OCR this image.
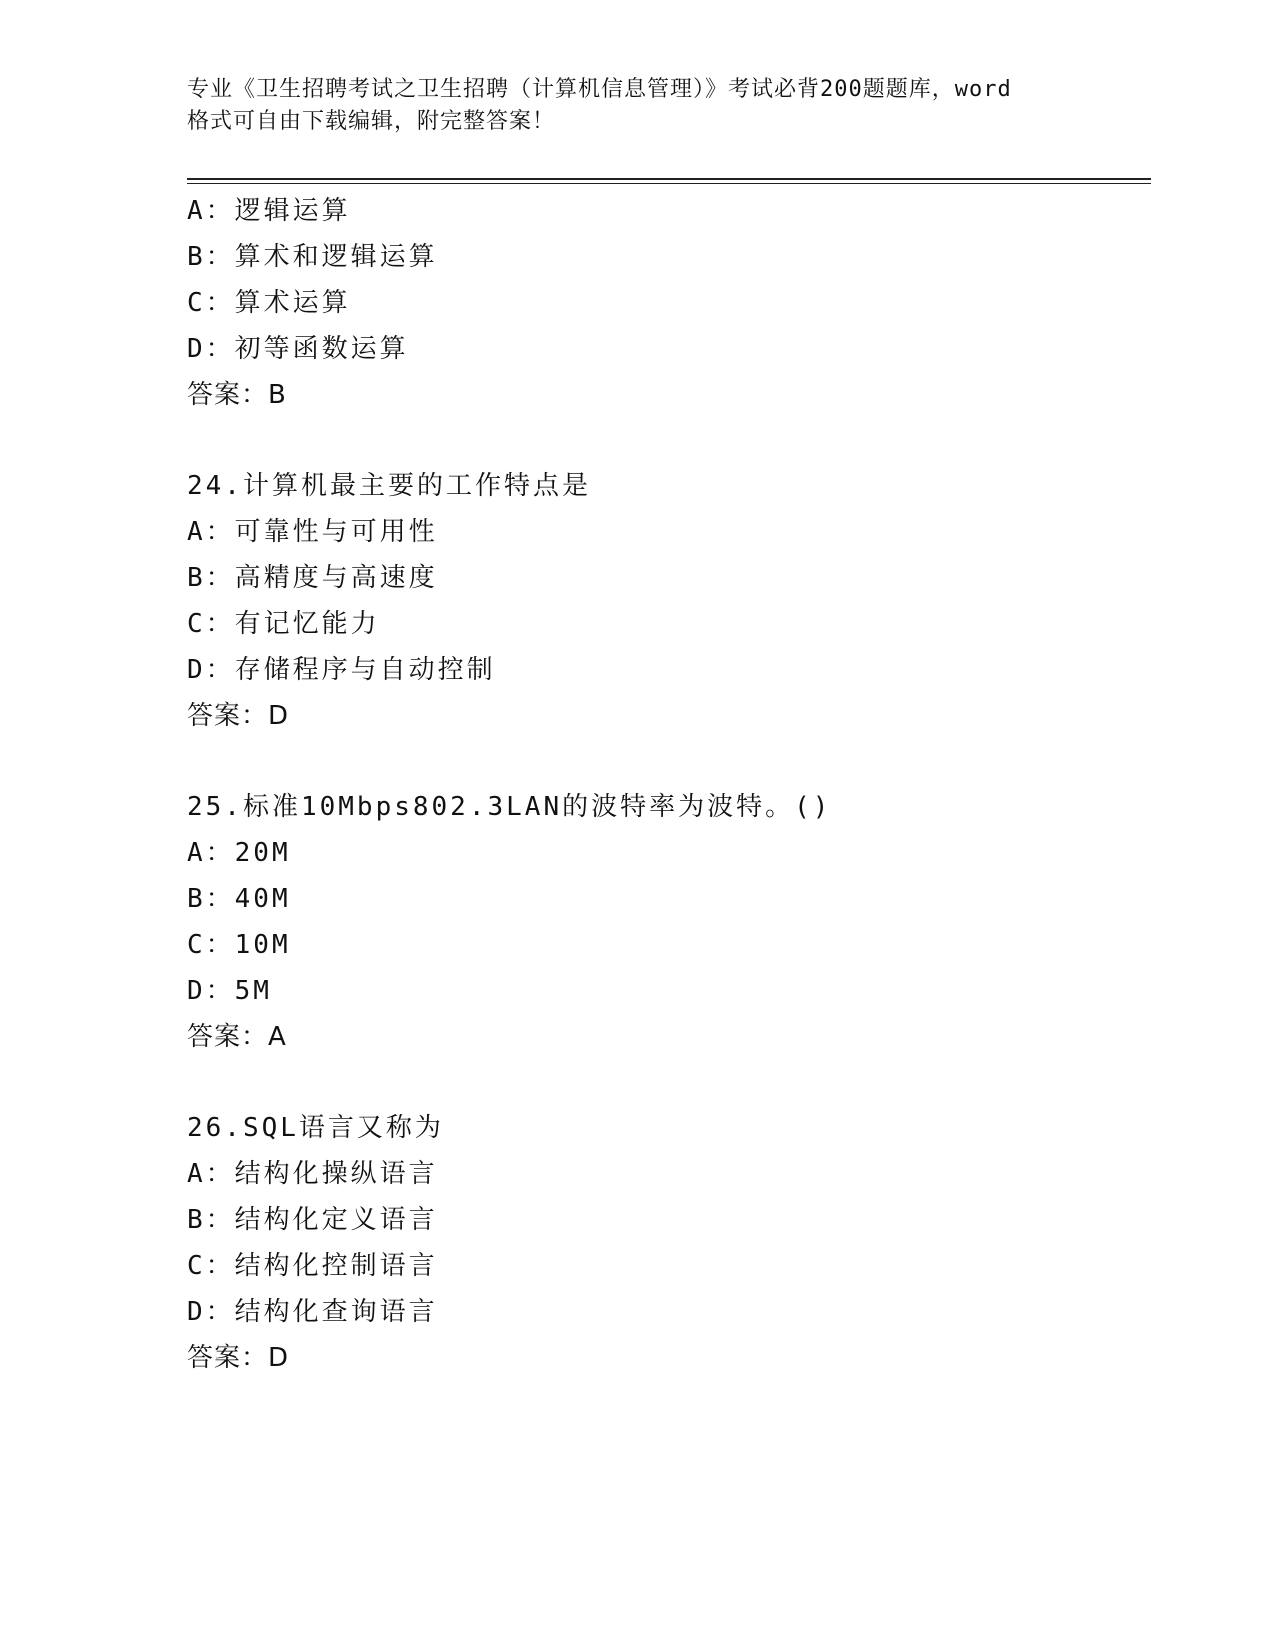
专业《卫生招聘考试之卫生招聘（计算机信息管理）》考试必背200题题库，word
格式可自由下载编辑，附完整答案！
A：逻辑运算
B：算术和逻辑运算
C：算术运算
D：初等函数运算
答案：B
24.计算机最主要的工作特点是
A：可靠性与可用性
B：高精度与高速度
C：有记忆能力
D：存储程序与自动控制
答案：D
25.标准10Mbps802.3LAN的波特率为波特。()
A：20M
B：40M
C：10M
D：5M
答案：A
26.SQL语言又称为
A：结构化操纵语言
B：结构化定义语言
C：结构化控制语言
D：结构化查询语言
答案：D
